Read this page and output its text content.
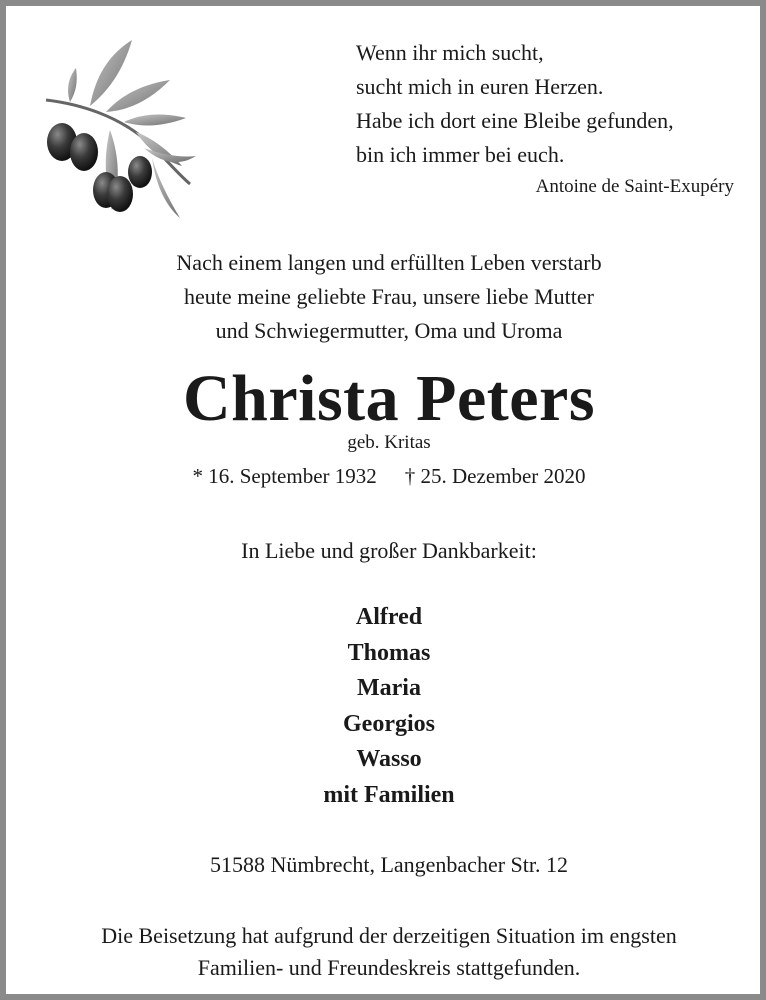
Wenn ihr mich sucht,
sucht mich in euren Herzen.
Habe ich dort eine Bleibe gefunden,
bin ich immer bei euch.
Antoine de Saint-Exupéry
Nach einem langen und erfüllten Leben verstarb
heute meine geliebte Frau, unsere liebe Mutter
und Schwiegermutter, Oma und Uroma
Christa Peters
geb. Kritas
* 16. September 1932 † 25. Dezember 2020
In Liebe und großer Dankbarkeit:
Alfred
Thomas
Maria
Georgios
Wasso
mit Familien
51588 Nümbrecht, Langenbacher Str. 12
Die Beisetzung hat aufgrund der derzeitigen Situation im engsten
Familien- und Freundeskreis stattgefunden.
